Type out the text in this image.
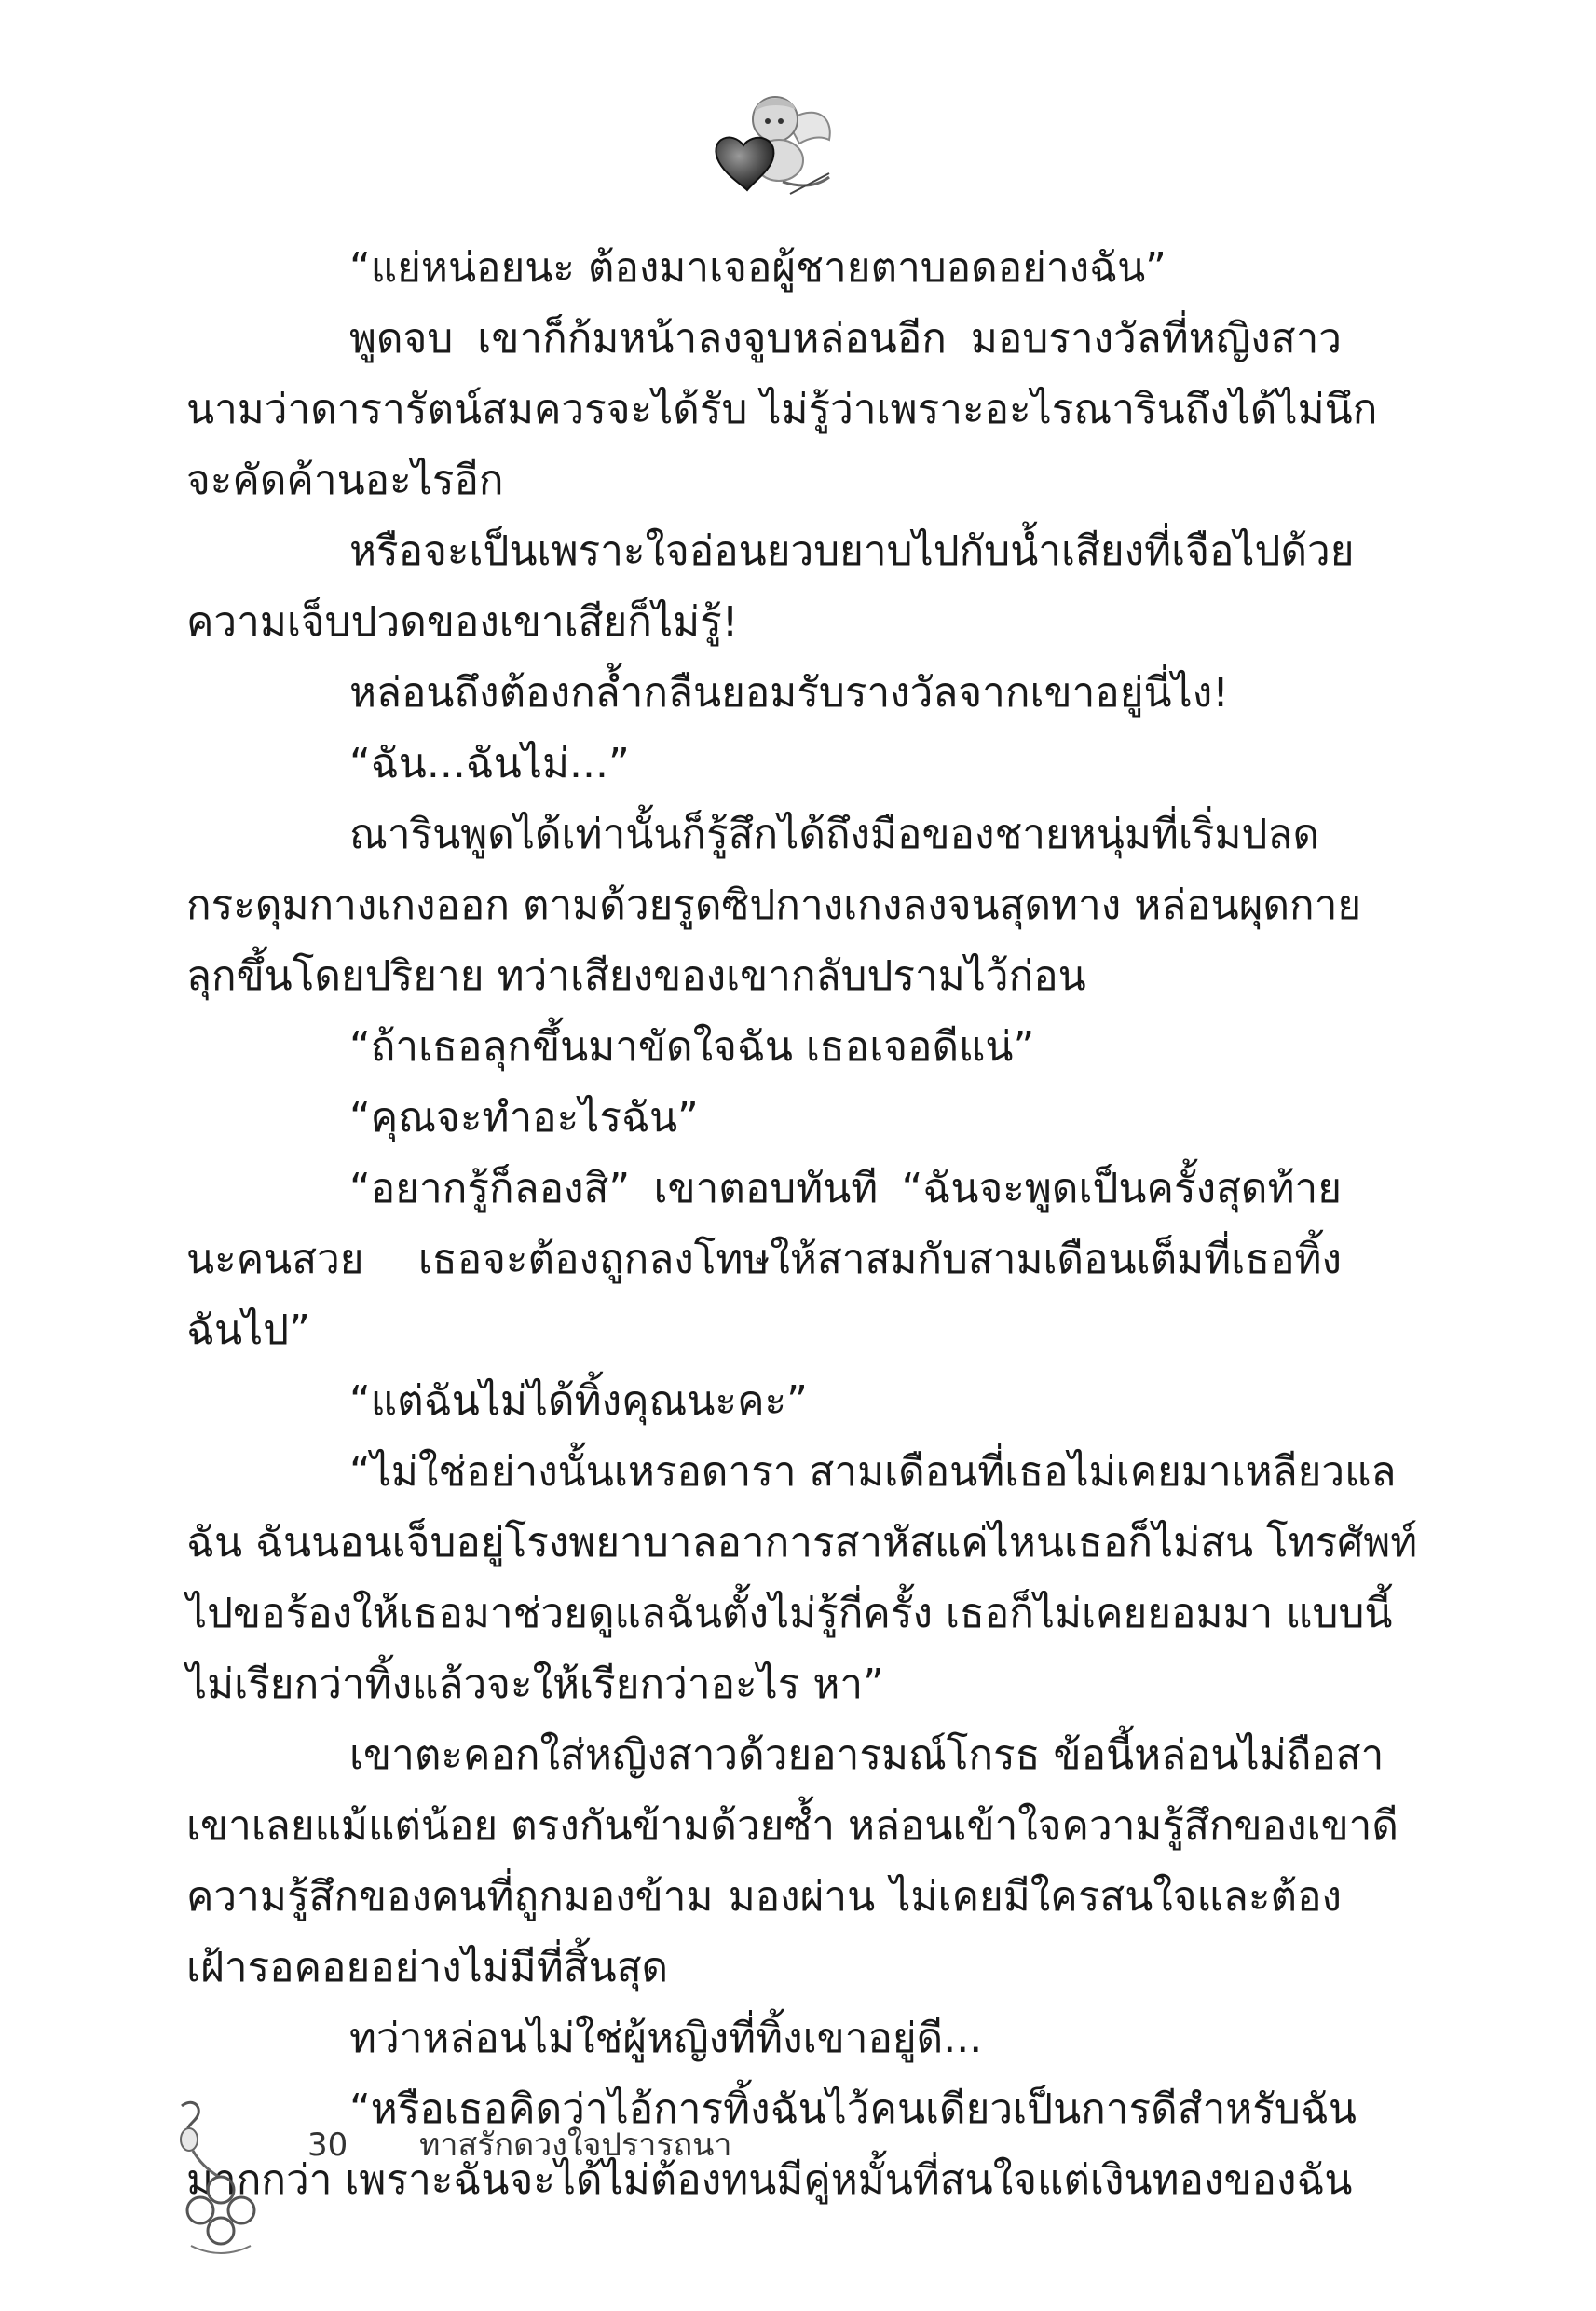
“แย่หน่อยนะ ต้องมาเจอผู้ชายตาบอดอย่างฉัน”
พูดจบ เขาก็ก้มหน้าลงจูบหล่อนอีก มอบรางวัลที่หญิงสาว
นามว่าดารารัตน์สมควรจะได้รับ ไม่รู้ว่าเพราะอะไรณารินถึงได้ไม่นึก
จะคัดค้านอะไรอีก
หรือจะเป็นเพราะใจอ่อนยวบยาบไปกับน้ำเสียงที่เจือไปด้วย
ความเจ็บปวดของเขาเสียก็ไม่รู้!
หล่อนถึงต้องกล้ำกลืนยอมรับรางวัลจากเขาอยู่นี่ไง!
“ฉัน...ฉันไม่...”
ณารินพูดได้เท่านั้นก็รู้สึกได้ถึงมือของชายหนุ่มที่เริ่มปลด
กระดุมกางเกงออก ตามด้วยรูดซิปกางเกงลงจนสุดทาง หล่อนผุดกาย
ลุกขึ้นโดยปริยาย ทว่าเสียงของเขากลับปรามไว้ก่อน
“ถ้าเธอลุกขึ้นมาขัดใจฉัน เธอเจอดีแน่”
“คุณจะทำอะไรฉัน”
“อยากรู้ก็ลองสิ” เขาตอบทันที “ฉันจะพูดเป็นครั้งสุดท้าย
นะคนสวย เธอจะต้องถูกลงโทษให้สาสมกับสามเดือนเต็มที่เธอทิ้ง
ฉันไป”
“แต่ฉันไม่ได้ทิ้งคุณนะคะ”
“ไม่ใช่อย่างนั้นเหรอดารา สามเดือนที่เธอไม่เคยมาเหลียวแล
ฉัน ฉันนอนเจ็บอยู่โรงพยาบาลอาการสาหัสแค่ไหนเธอก็ไม่สน โทรศัพท์
ไปขอร้องให้เธอมาช่วยดูแลฉันตั้งไม่รู้กี่ครั้ง เธอก็ไม่เคยยอมมา แบบนี้
ไม่เรียกว่าทิ้งแล้วจะให้เรียกว่าอะไร หา”
เขาตะคอกใส่หญิงสาวด้วยอารมณ์โกรธ ข้อนี้หล่อนไม่ถือสา
เขาเลยแม้แต่น้อย ตรงกันข้ามด้วยซ้ำ หล่อนเข้าใจความรู้สึกของเขาดี
ความรู้สึกของคนที่ถูกมองข้าม มองผ่าน ไม่เคยมีใครสนใจและต้อง
เฝ้ารอคอยอย่างไม่มีที่สิ้นสุด
ทว่าหล่อนไม่ใช่ผู้หญิงที่ทิ้งเขาอยู่ดี...
“หรือเธอคิดว่าไอ้การทิ้งฉันไว้คนเดียวเป็นการดีสำหรับฉัน
มากกว่า เพราะฉันจะได้ไม่ต้องทนมีคู่หมั้นที่สนใจแต่เงินทองของฉัน
30 ทาสรักดวงใจปรารถนา
